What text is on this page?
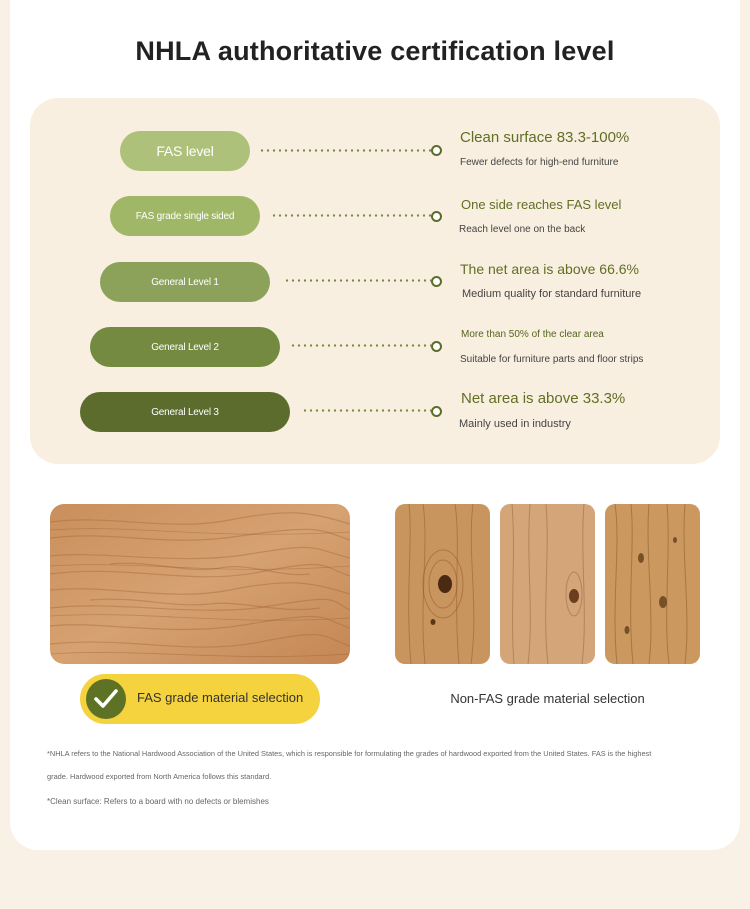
NHLA authoritative certification level
FAS level
Clean surface 83.3-100%
Fewer defects for high-end furniture
FAS grade single sided
One side reaches FAS level
Reach level one on the back
General Level 1
The net area is above 66.6%
Medium quality for standard furniture
General Level 2
More than 50% of the clear area
Suitable for furniture parts and floor strips
General Level 3
Net area is above 33.3%
Mainly used in industry
FAS grade material selection	Non-FAS grade material selection
*NHLA refers to the National Hardwood Association of the United States, which is responsible for formulating the grades of hardwood exported from the United States. FAS is the highest
grade. Hardwood exported from North America follows this standard.
*Clean surface: Refers to a board with no defects or blemishes
